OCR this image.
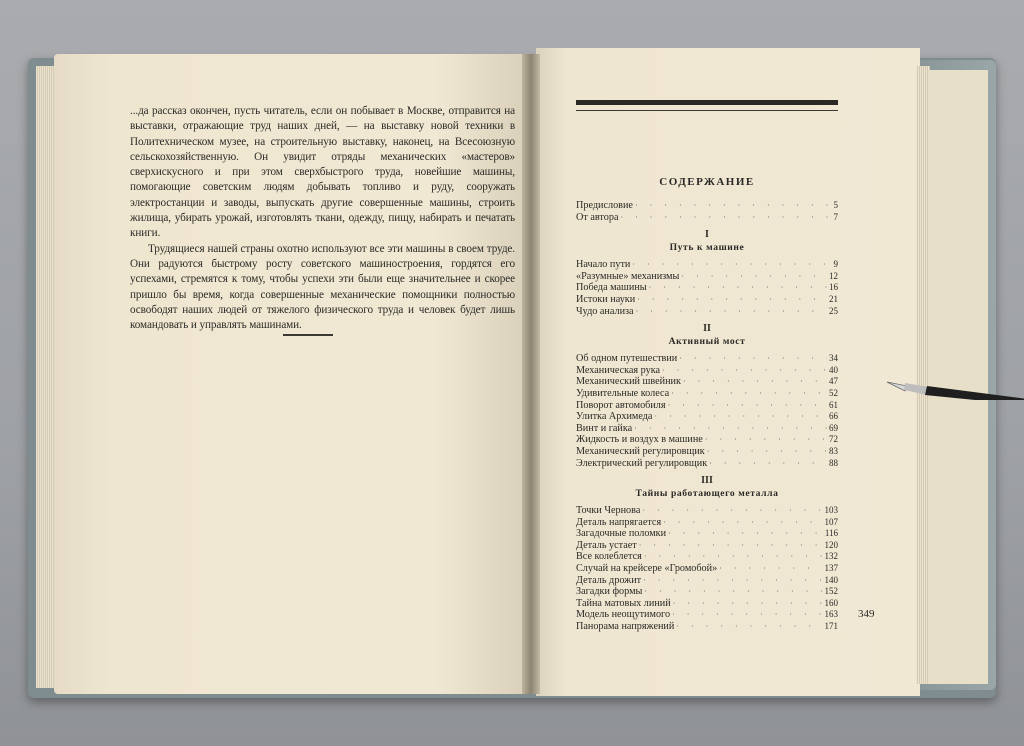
...да рассказ окончен, пусть читатель, если он побывает в Москве, отправится на выставки, отражающие труд наших дней, — на выставку новой техники в Политехническом музее, на строительную выставку, наконец, на Всесоюзную сельскохозяйственную. Он увидит отряды механических «мастеров» сверхискусного и при этом сверхбыстрого труда, новейшие машины, помогающие советским людям добывать топливо и руду, сооружать электростанции и заводы, выпускать другие совершенные машины, строить жилища, убирать урожай, изготовлять ткани, одежду, пищу, набирать и печатать книги.

Трудящиеся нашей страны охотно используют все эти машины в своем труде. Они радуются быстрому росту советского машиностроения, гордятся его успехами, стремятся к тому, чтобы успехи эти были еще значительнее и скорее пришло бы время, когда совершенные механические помощники полностью освободят наших людей от тяжелого физического труда и человек будет лишь командовать и управлять машинами.

СОДЕРЖАНИЕ
Предисловие · · ·	5
От автора · · ·	7
I
Путь к машине
Начало пути · · ·	9
«Разумные» механизмы · · ·	12
Победа машины · · ·	16
Истоки науки · · ·	21
Чудо анализа · · ·	25
II
Активный мост
Об одном путешествии · · ·	34
Механическая рука · · ·	40
Механический швейник · · ·	47
Удивительные колеса · · ·	52
Поворот автомобиля · · ·	61
Улитка Архимеда · · ·	66
Винт и гайка · · ·	69
Жидкость и воздух в машине · · ·	72
Механический регулировщик · · ·	83
Электрический регулировщик · · ·	88
III
Тайны работающего металла
Точки Чернова · · ·	103
Деталь напрягается · · ·	107
Загадочные поломки · · ·	116
Деталь устает · · ·	120
Все колеблется · · ·	132
Случай на крейсере «Громобой» · · ·	137
Деталь дрожит · · ·	140
Загадки формы · · ·	152
Тайна матовых линий · · ·	160
Модель неощутимого · · ·	163
Панорама напряжений · · ·	171
349
